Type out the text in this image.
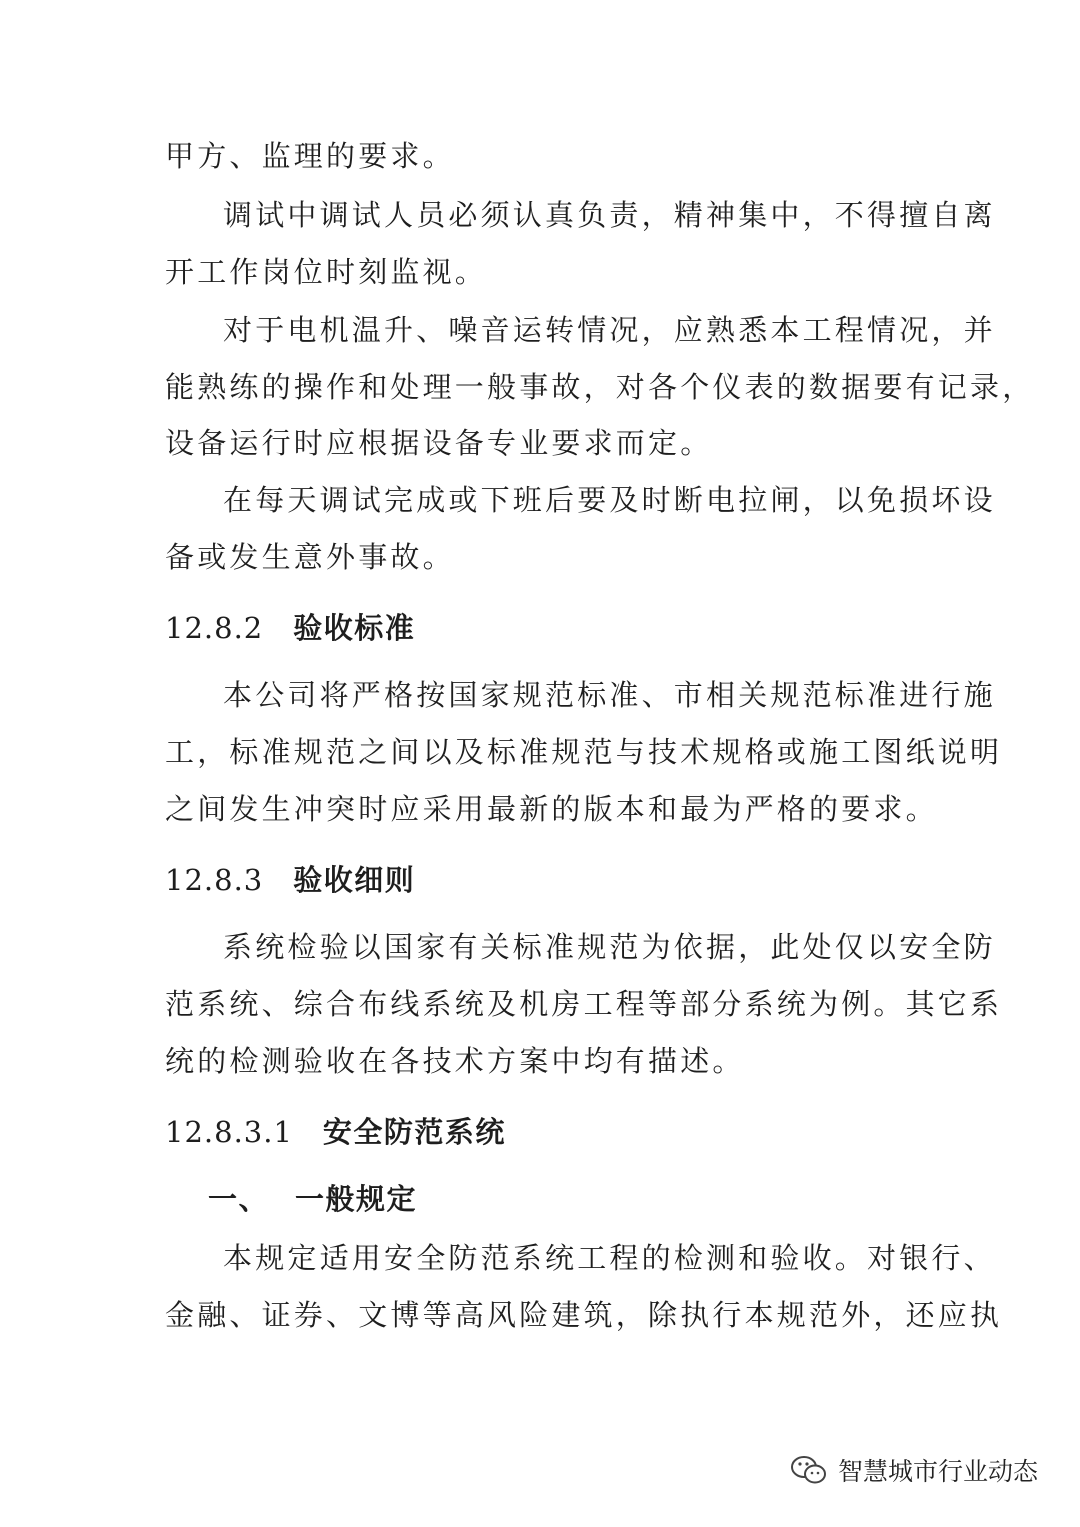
甲方、监理的要求。
调试中调试人员必须认真负责，精神集中，不得擅自离
开工作岗位时刻监视。
对于电机温升、噪音运转情况，应熟悉本工程情况，并
能熟练的操作和处理一般事故，对各个仪表的数据要有记录，
设备运行时应根据设备专业要求而定。
在每天调试完成或下班后要及时断电拉闸，以免损坏设
备或发生意外事故。
12.8.2 验收标准
本公司将严格按国家规范标准、市相关规范标准进行施
工，标准规范之间以及标准规范与技术规格或施工图纸说明
之间发生冲突时应采用最新的版本和最为严格的要求。
12.8.3 验收细则
系统检验以国家有关标准规范为依据，此处仅以安全防
范系统、综合布线系统及机房工程等部分系统为例。其它系
统的检测验收在各技术方案中均有描述。
12.8.3.1 安全防范系统
一、 一般规定
本规定适用安全防范系统工程的检测和验收。对银行、
金融、证券、文博等高风险建筑，除执行本规范外，还应执
智慧城市行业动态
